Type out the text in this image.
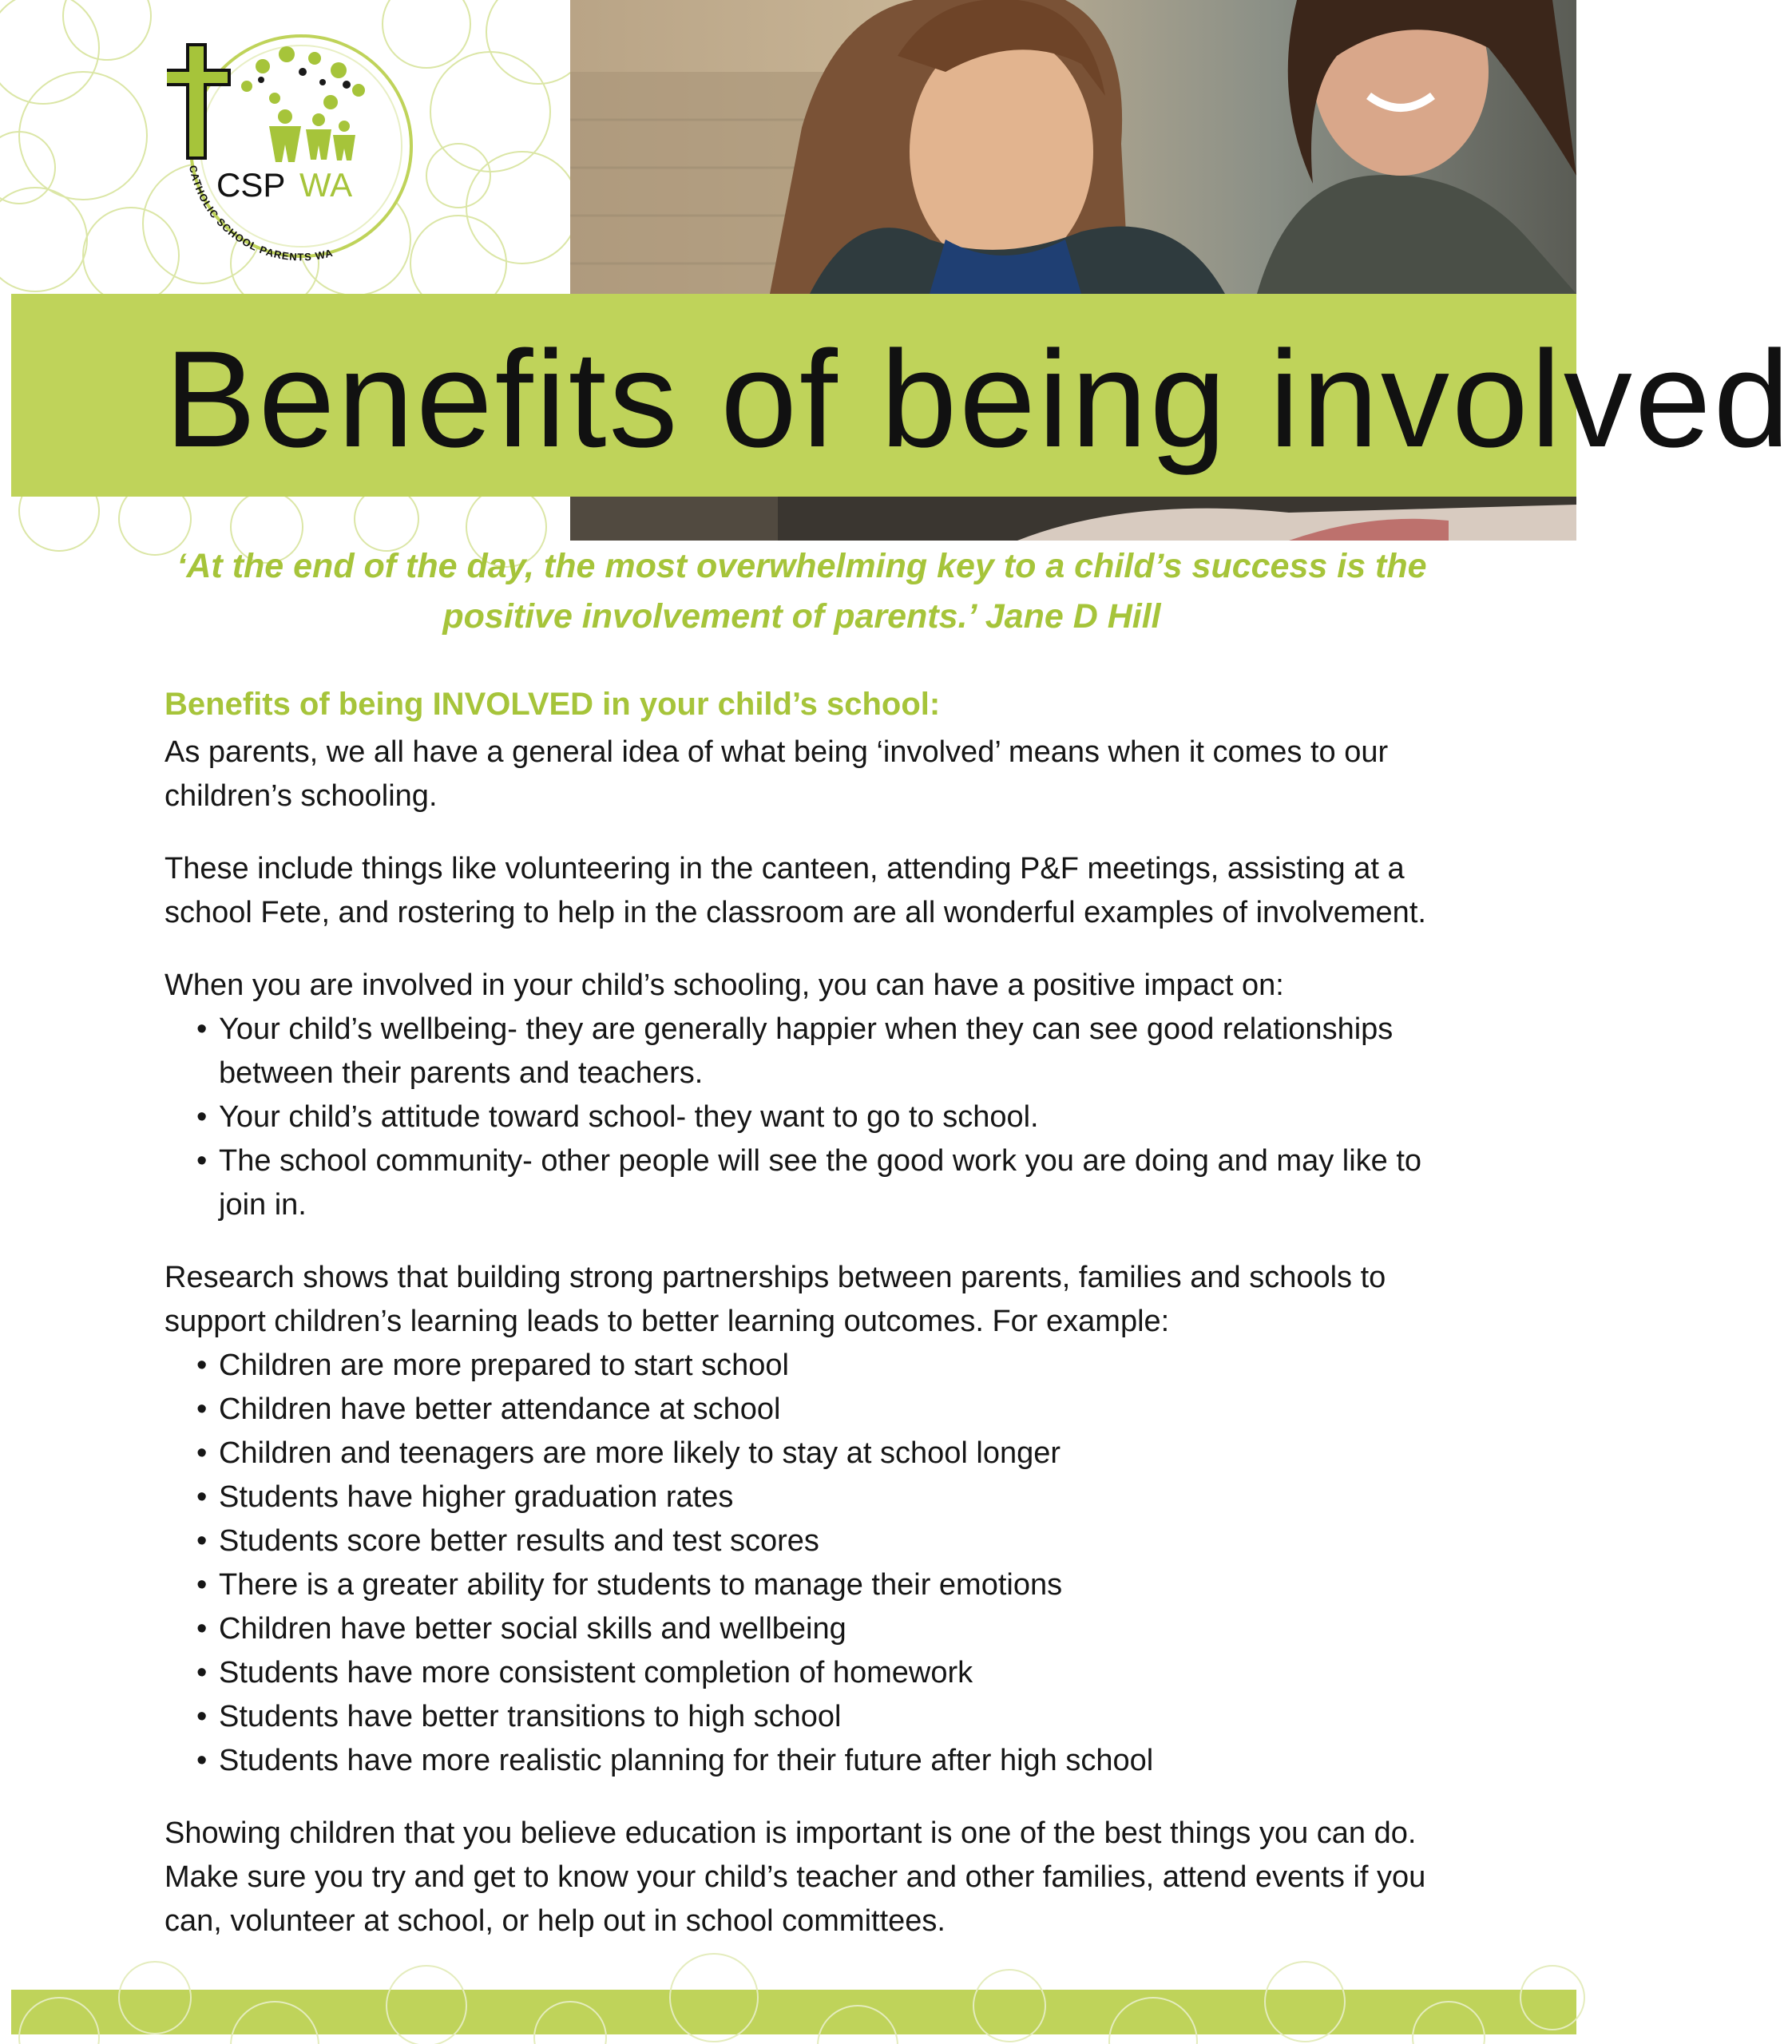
CSP WA
CATHOLIC SCHOOL PARENTS WA
Benefits of being involved

‘At the end of the day, the most overwhelming key to a child’s success is the
positive involvement of parents.’ Jane D Hill

Benefits of being INVOLVED in your child’s school:

As parents, we all have a general idea of what being ‘involved’ means when it comes to our children’s schooling.

These include things like volunteering in the canteen, attending P&F meetings, assisting at a school Fete, and rostering to help in the classroom are all wonderful examples of involvement.

When you are involved in your child’s schooling, you can have a positive impact on:

• Your child’s wellbeing- they are generally happier when they can see good relationships between their parents and teachers.
• Your child’s attitude toward school- they want to go to school.
• The school community- other people will see the good work you are doing and may like to join in.

Research shows that building strong partnerships between parents, families and schools to support children’s learning leads to better learning outcomes. For example:

• Children are more prepared to start school
• Children have better attendance at school
• Children and teenagers are more likely to stay at school longer
• Students have higher graduation rates
• Students score better results and test scores
• There is a greater ability for students to manage their emotions
• Children have better social skills and wellbeing
• Students have more consistent completion of homework
• Students have better transitions to high school
• Students have more realistic planning for their future after high school

Showing children that you believe education is important is one of the best things you can do. Make sure you try and get to know your child’s teacher and other families, attend events if you can, volunteer at school, or help out in school committees.
